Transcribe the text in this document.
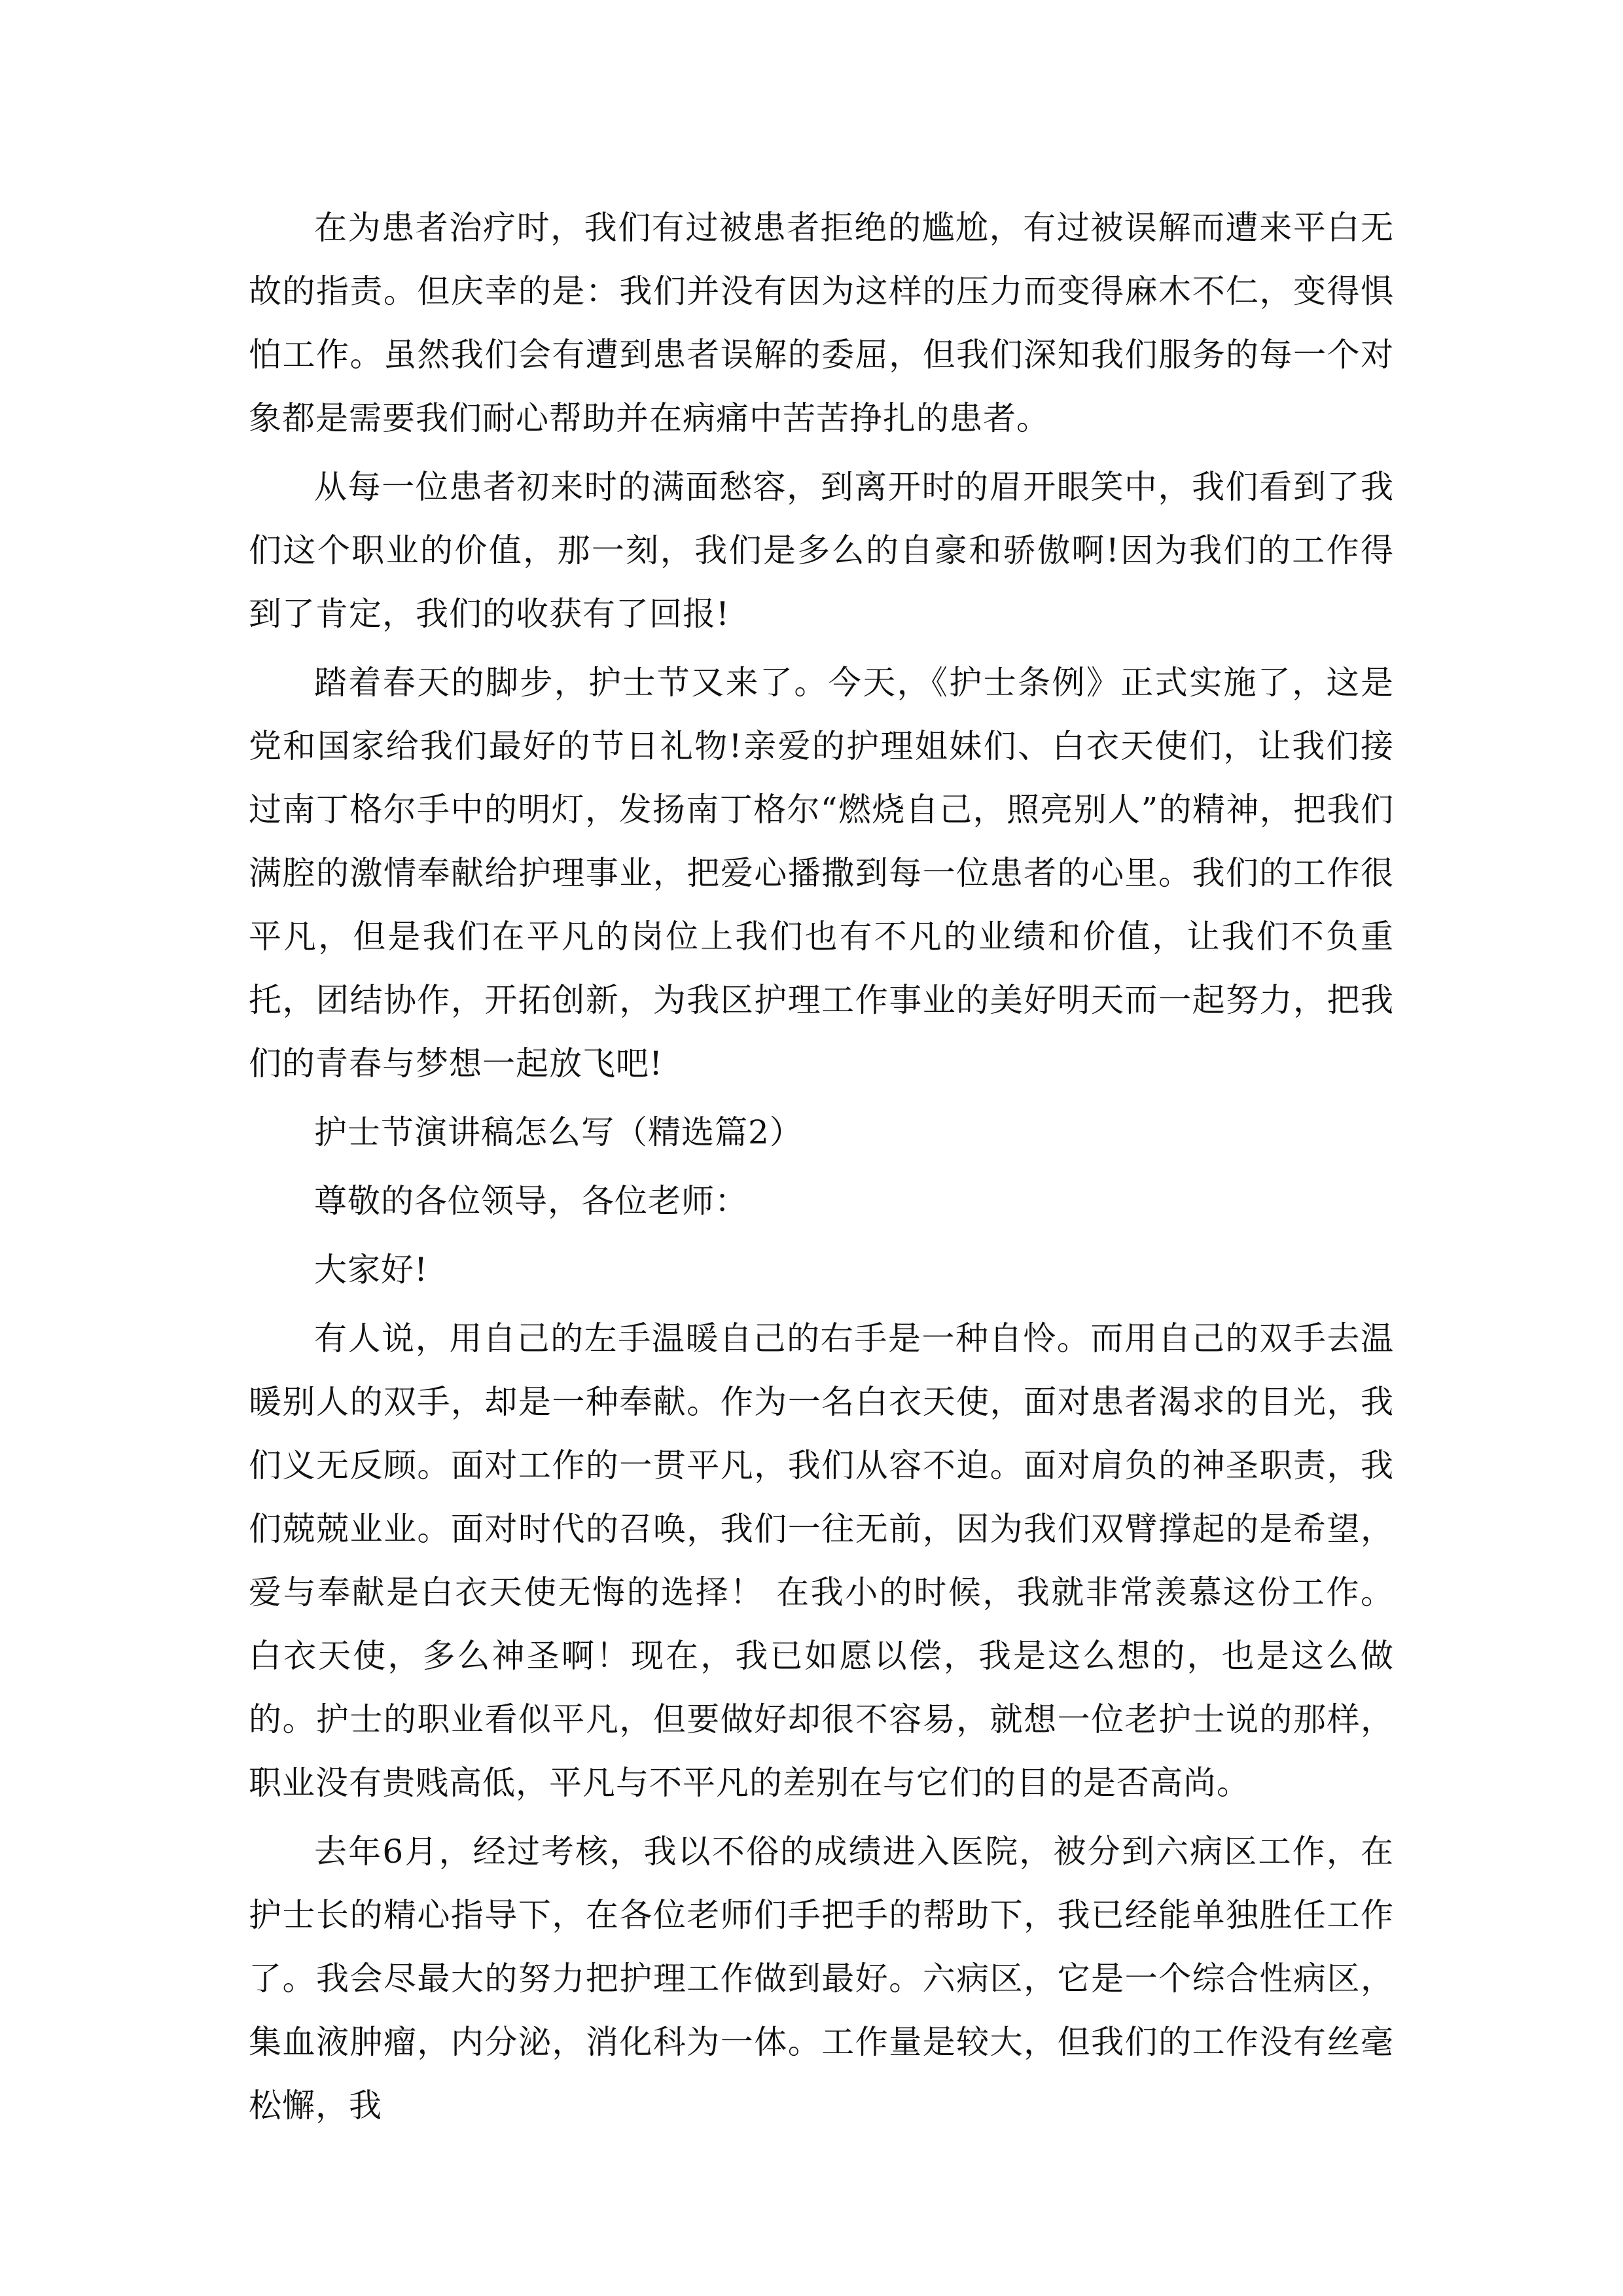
在为患者治疗时，我们有过被患者拒绝的尴尬，有过被误解而遭来平白无故的指责。但庆幸的是：我们并没有因为这样的压力而变得麻木不仁，变得惧怕工作。虽然我们会有遭到患者误解的委屈，但我们深知我们服务的每一个对象都是需要我们耐心帮助并在病痛中苦苦挣扎的患者。

从每一位患者初来时的满面愁容，到离开时的眉开眼笑中，我们看到了我们这个职业的价值，那一刻，我们是多么的自豪和骄傲啊!因为我们的工作得到了肯定，我们的收获有了回报!

踏着春天的脚步，护士节又来了。今天，《护士条例》正式实施了，这是党和国家给我们最好的节日礼物!亲爱的护理姐妹们、白衣天使们，让我们接过南丁格尔手中的明灯，发扬南丁格尔“燃烧自己，照亮别人”的精神，把我们满腔的激情奉献给护理事业，把爱心播撒到每一位患者的心里。我们的工作很平凡，但是我们在平凡的岗位上我们也有不凡的业绩和价值，让我们不负重托，团结协作，开拓创新，为我区护理工作事业的美好明天而一起努力，把我们的青春与梦想一起放飞吧!

护士节演讲稿怎么写（精选篇2）

尊敬的各位领导，各位老师：

大家好!

有人说，用自己的左手温暖自己的右手是一种自怜。而用自己的双手去温暖别人的双手，却是一种奉献。作为一名白衣天使，面对患者渴求的目光，我们义无反顾。面对工作的一贯平凡，我们从容不迫。面对肩负的神圣职责，我们兢兢业业。面对时代的召唤，我们一往无前，因为我们双臂撑起的是希望，爱与奉献是白衣天使无悔的选择！ 在我小的时候，我就非常羡慕这份工作。白衣天使，多么神圣啊！现在，我已如愿以偿，我是这么想的，也是这么做的。护士的职业看似平凡，但要做好却很不容易，就想一位老护士说的那样，职业没有贵贱高低，平凡与不平凡的差别在与它们的目的是否高尚。

去年6月，经过考核，我以不俗的成绩进入医院，被分到六病区工作，在护士长的精心指导下，在各位老师们手把手的帮助下，我已经能单独胜任工作了。我会尽最大的努力把护理工作做到最好。六病区，它是一个综合性病区，集血液肿瘤，内分泌，消化科为一体。工作量是较大，但我们的工作没有丝毫松懈，我
